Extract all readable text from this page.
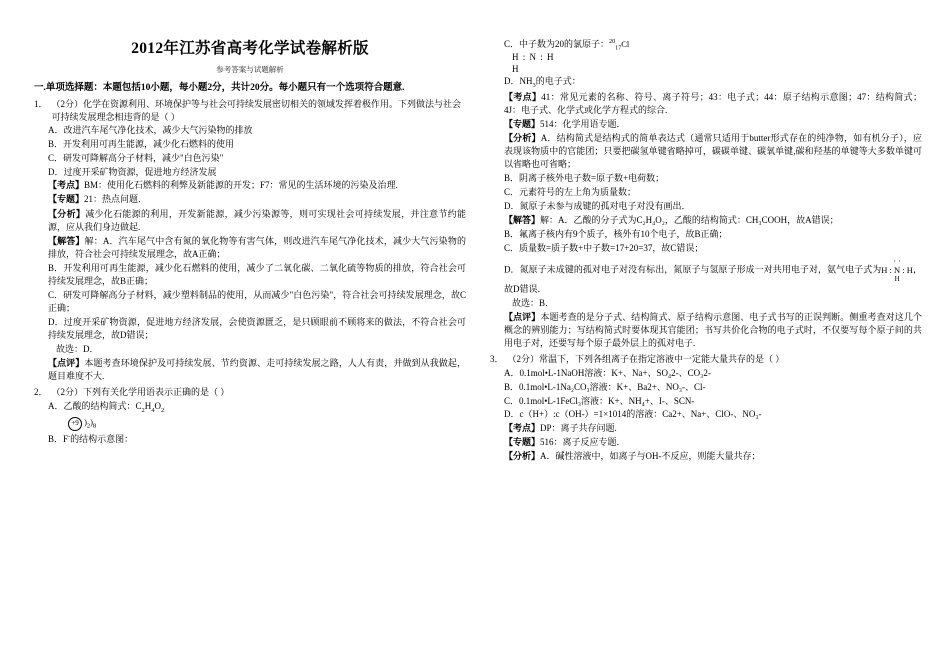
2012年江苏省高考化学试卷解析版
参考答案与试题解析
一.单项选择题：本题包括10小题，每小题2分，共计20分。每小题只有一个选项符合题意.
1． （2分）化学在资源利用、环境保护等与社会可持续发展密切相关的领域发挥着极作用。下列做法与社会可持续发展理念相违背的是（ ）
A．改进汽车尾气净化技术，减少大气污染物的排放
B．开发利用可再生能源，减少化石燃料的使用
C．研发可降解高分子材料，减少"白色污染"
D．过度开采矿物资源，促进地方经济发展

【考点】BM：使用化石燃料的利弊及新能源的开发；F7：常见的生活环境的污染及治理.

【专题】21：热点问题．

【分析】减少化石能源的利用，开发新能源，减少污染源等，则可实现社会可持续发展，并注意节约能源，应从我们身边做起.

【解答】解：A．汽车尾气中含有氮的氧化物等有害气体，则改进汽车尾气净化技术，减少大气污染物的排放，符合社会可持续发展理念，故A正确；

B．开发利用可再生能源，减少化石燃料的使用，减少了二氧化碳、二氧化硫等物质的排放，符合社会可持续发展理念，故B正确；

C．研发可降解高分子材料，减少塑料制品的使用，从而减少"白色污染"，符合社会可持续发展理念，故C正确；

D．过度开采矿物资源，促进地方经济发展，会使资源匮乏，是只顾眼前不顾将来的做法，不符合社会可持续发展理念，故D错误；

故选：D．

【点评】本题考查环境保护及可持续发展、节约资源、走可持续发展之路，人人有责，并做到从我做起，题目难度不大.

2． （2分）下列有关化学用语表示正确的是（ ）
A．乙酸的结构简式：$C_2H_4O_2$
+9 )$_2)_8$
B．F﻿﻿﻿﻿-的结构示意图：
C．中子数为20的氯原子：$^{20}_{17}$Cl
H : N : H
H
D．$NH_3$的电子式：

【考点】41：常见元素的名称、符号、离子符号；43：电子式；44：原子结构示意图；47：结构简式；4J：电子式、化学式或化学方程式的综合.

【专题】514：化学用语专题．

【分析】A．结构简式是结构式的简单表达式（通常只适用于butter形式存在的纯净物，如有机分子），应表现该物质中的官能团；只要把碳氢单键省略掉可，碳碳单键、碳氧单键,碳和羟基的单键等大多数单键可以省略也可省略；

B．阴离子核外电子数=原子数+电荷数；

C．元素符号的左上角为质量数；

D．氮原子未参与成键的孤对电子对没有画出．

【解答】解：A．乙酸的分子式为C₂H₄O₂，乙酸的结构简式：CH₃COOH，故A错误；

B．氟离子核内有9个质子，核外有10个电子，故B正确；

C．质量数=质子数+中子数=17+20=37，故C错误；

D．氮原子未成键的孤对电子对没有标出，氮原子与氢原子形成一对共用电子对，氨气电子式为· ·
H : N : H
H，故D错误．

故选：B．

【点评】本题考查的是分子式、结构简式、原子结构示意图、电子式书写的正误判断。侧重考查对这几个概念的辨别能力；写结构简式时要体现其官能团；书写共价化合物的电子式时，不仅要写每个原子间的共用电子对，还要写每个原子最外层上的孤对电子.

3． （2分）常温下，下列各组离子在指定溶液中一定能大量共存的是（ ）
A．0.1mol•L﻿﻿﻿﻿﻿-1﻿NaOH溶液：K﻿+﻿、Na﻿+﻿、SO₄﻿2-﻿、CO₃﻿2-﻿
B．0.1mol•L﻿-1﻿Na₂CO₃溶液：K﻿+﻿、Ba﻿2+﻿、NO₃﻿-﻿、Cl﻿-﻿
C．0.1mol•L﻿-1﻿FeCl₃溶液：K﻿+﻿、NH₄﻿+﻿、I﻿-﻿、SCN﻿-﻿
D．c（H﻿+﻿）:c（OH﻿-﻿）=1×10﻿14﻿的溶液：Ca﻿2+﻿、Na﻿+﻿、ClO﻿-﻿、NO₃﻿-﻿

【考点】DP：离子共存问题.

【专题】516：离子反应专题．

【分析】A．碱性溶液中，如离子与OH﻿-﻿不反应，则能大量共存；
